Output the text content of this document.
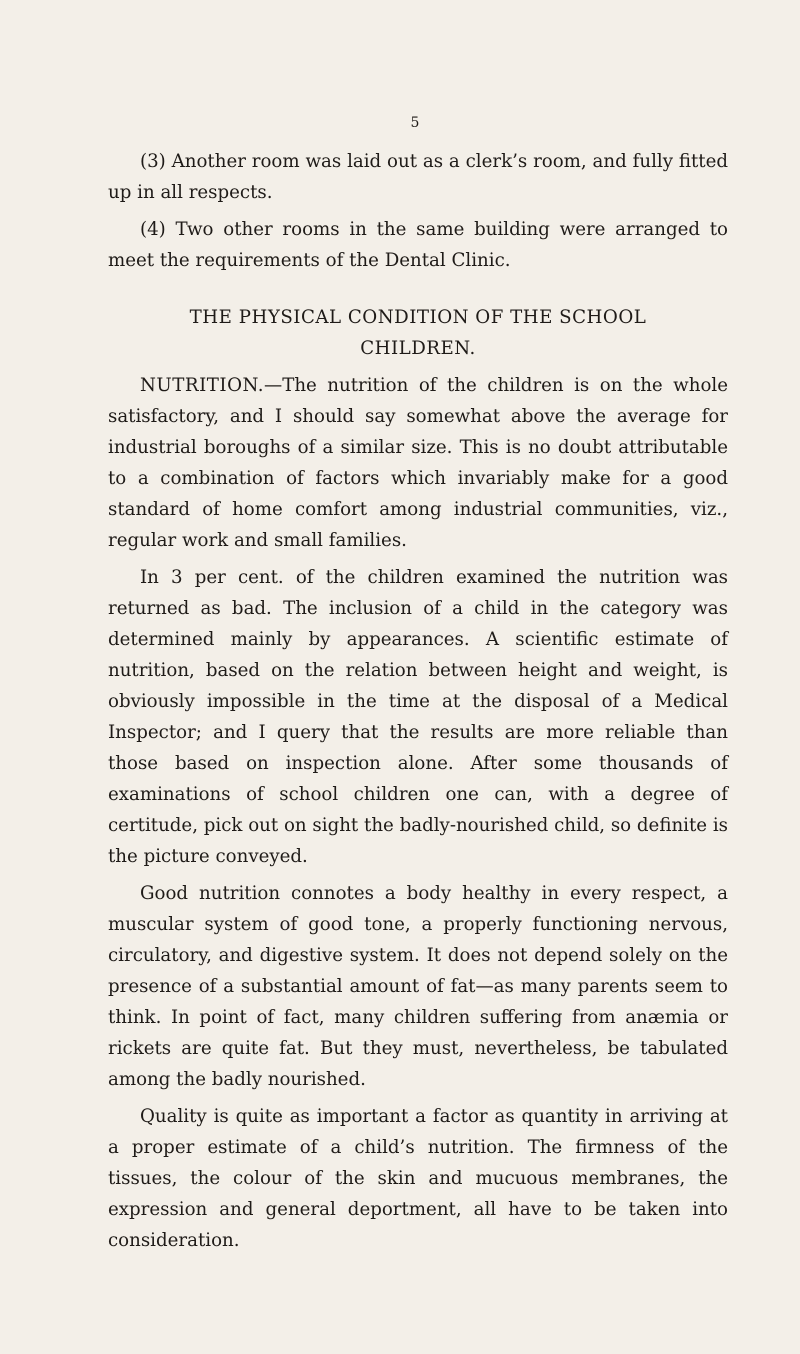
5

(3) Another room was laid out as a clerk’s room, and fully fitted up in all respects.

(4) Two other rooms in the same building were arranged to meet the requirements of the Dental Clinic.

THE PHYSICAL CONDITION OF THE SCHOOL
CHILDREN.

NUTRITION.—The nutrition of the children is on the whole satisfactory, and I should say somewhat above the average for industrial boroughs of a similar size. This is no doubt attributable to a combination of factors which invariably make for a good standard of home comfort among industrial communities, viz., regular work and small families.

In 3 per cent. of the children examined the nutrition was returned as bad. The inclusion of a child in the category was determined mainly by appearances. A scientific estimate of nutrition, based on the relation between height and weight, is obviously impossible in the time at the disposal of a Medical Inspector; and I query that the results are more reliable than those based on inspection alone. After some thousands of examinations of school children one can, with a degree of certitude, pick out on sight the badly-nourished child, so definite is the picture conveyed.

Good nutrition connotes a body healthy in every respect, a muscular system of good tone, a properly functioning nervous, circulatory, and digestive system. It does not depend solely on the presence of a substantial amount of fat—as many parents seem to think. In point of fact, many children suffering from anæmia or rickets are quite fat. But they must, nevertheless, be tabulated among the badly nourished.

Quality is quite as important a factor as quantity in arriving at a proper estimate of a child’s nutrition. The firmness of the tissues, the colour of the skin and mucuous membranes, the expression and general deportment, all have to be taken into consideration.
